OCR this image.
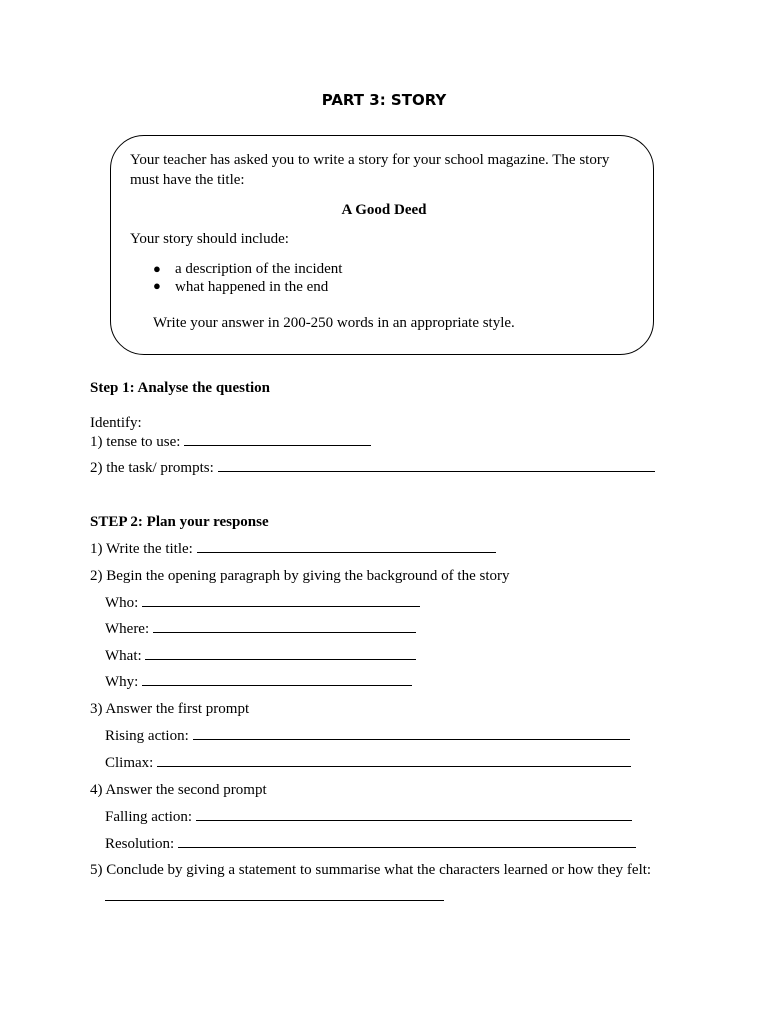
PART 3: STORY
Your teacher has asked you to write a story for your school magazine. The story
must have the title:
A Good Deed
Your story should include:
● a description of the incident
● what happened in the end
Write your answer in 200-250 words in an appropriate style.
Step 1: Analyse the question
Identify:
1) tense to use:
2) the task/ prompts:
STEP 2: Plan your response
1) Write the title:
2) Begin the opening paragraph by giving the background of the story
Who:
Where:
What:
Why:
3) Answer the first prompt
Rising action:
Climax:
4) Answer the second prompt
Falling action:
Resolution:
5) Conclude by giving a statement to summarise what the characters learned or how they felt:
